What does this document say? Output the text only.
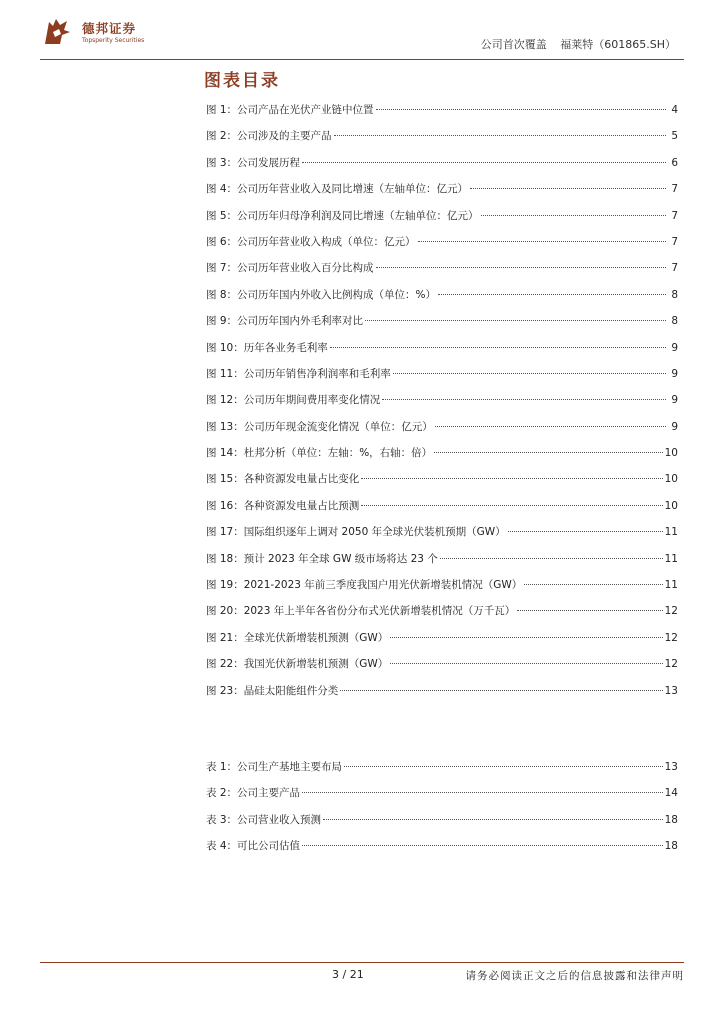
德邦证券
Topsperity Securities	公司首次覆盖 福莱特（601865.SH）
图表目录
图 1：公司产品在光伏产业链中位置	4
图 2：公司涉及的主要产品	5
图 3：公司发展历程	6
图 4：公司历年营业收入及同比增速（左轴单位：亿元）	7
图 5：公司历年归母净利润及同比增速（左轴单位：亿元）	7
图 6：公司历年营业收入构成（单位：亿元）	7
图 7：公司历年营业收入百分比构成	7
图 8：公司历年国内外收入比例构成（单位：%）	8
图 9：公司历年国内外毛利率对比	8
图 10：历年各业务毛利率	9
图 11：公司历年销售净利润率和毛利率	9
图 12：公司历年期间费用率变化情况	9
图 13：公司历年现金流变化情况（单位：亿元）	9
图 14：杜邦分析（单位：左轴：%，右轴：倍）	10
图 15：各种资源发电量占比变化	10
图 16：各种资源发电量占比预测	10
图 17：国际组织逐年上调对 2050 年全球光伏装机预期（GW）	11
图 18：预计 2023 年全球 GW 级市场将达 23 个	11
图 19：2021-2023 年前三季度我国户用光伏新增装机情况（GW）	11
图 20：2023 年上半年各省份分布式光伏新增装机情况（万千瓦）	12
图 21：全球光伏新增装机预测（GW）	12
图 22：我国光伏新增装机预测（GW）	12
图 23：晶硅太阳能组件分类	13
表 1：公司生产基地主要布局	13
表 2：公司主要产品	14
表 3：公司营业收入预测	18
表 4：可比公司估值	18
3 / 21	请务必阅读正文之后的信息披露和法律声明
